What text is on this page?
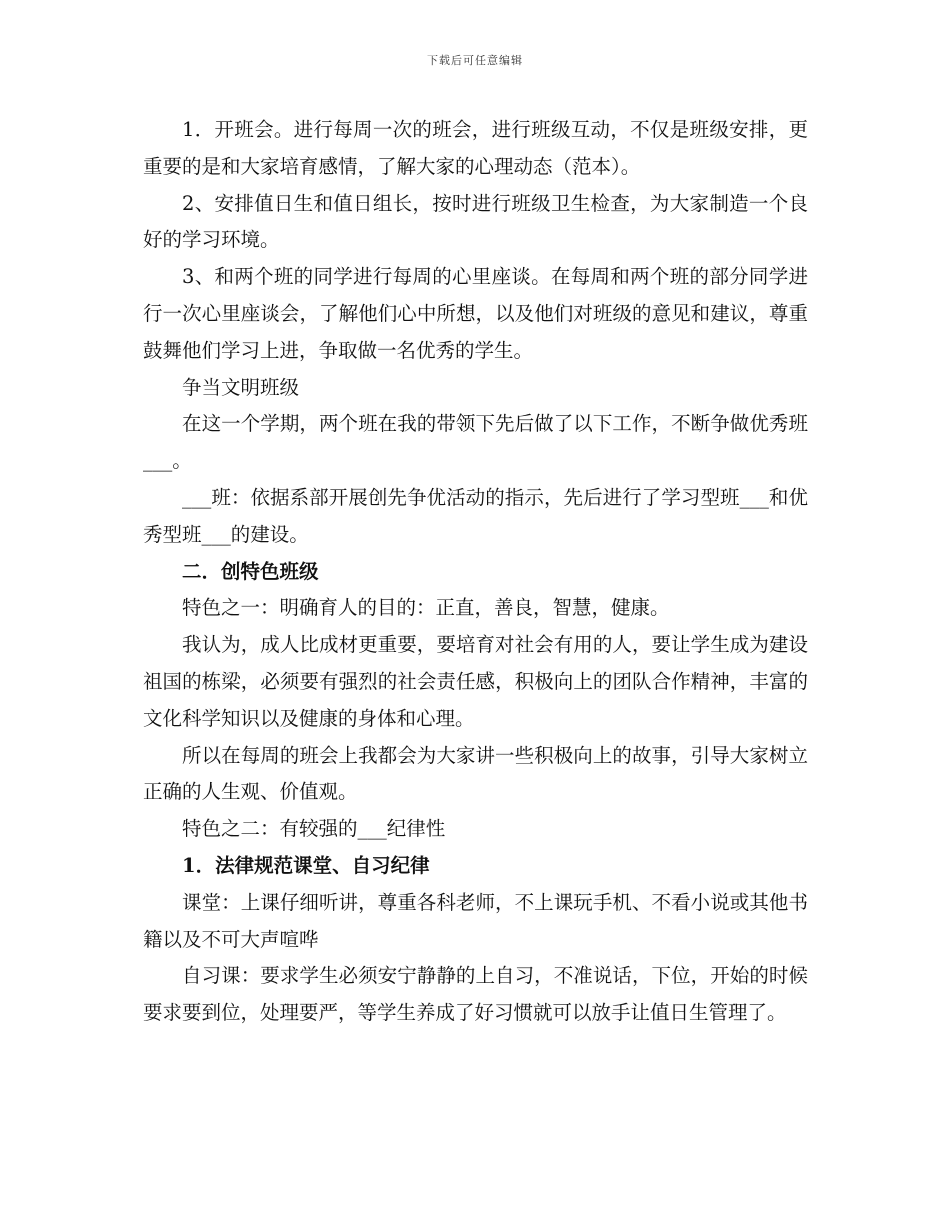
下载后可任意编辑

1．开班会。进行每周一次的班会，进行班级互动，不仅是班级安排，更重要的是和大家培育感情，了解大家的心理动态（范本）。

2、安排值日生和值日组长，按时进行班级卫生检查，为大家制造一个良好的学习环境。

3、和两个班的同学进行每周的心里座谈。在每周和两个班的部分同学进行一次心里座谈会，了解他们心中所想，以及他们对班级的意见和建议，尊重鼓舞他们学习上进，争取做一名优秀的学生。

争当文明班级

在这一个学期，两个班在我的带领下先后做了以下工作，不断争做优秀班___。

___班：依据系部开展创先争优活动的指示，先后进行了学习型班___和优秀型班___的建设。

二．创特色班级

特色之一：明确育人的目的：正直，善良，智慧，健康。

我认为，成人比成材更重要，要培育对社会有用的人，要让学生成为建设祖国的栋梁，必须要有强烈的社会责任感，积极向上的团队合作精神，丰富的文化科学知识以及健康的身体和心理。

所以在每周的班会上我都会为大家讲一些积极向上的故事，引导大家树立正确的人生观、价值观。

特色之二：有较强的___纪律性

1．法律规范课堂、自习纪律

课堂：上课仔细听讲，尊重各科老师，不上课玩手机、不看小说或其他书籍以及不可大声喧哗

自习课：要求学生必须安宁静静的上自习，不准说话，下位，开始的时候要求要到位，处理要严，等学生养成了好习惯就可以放手让值日生管理了。
